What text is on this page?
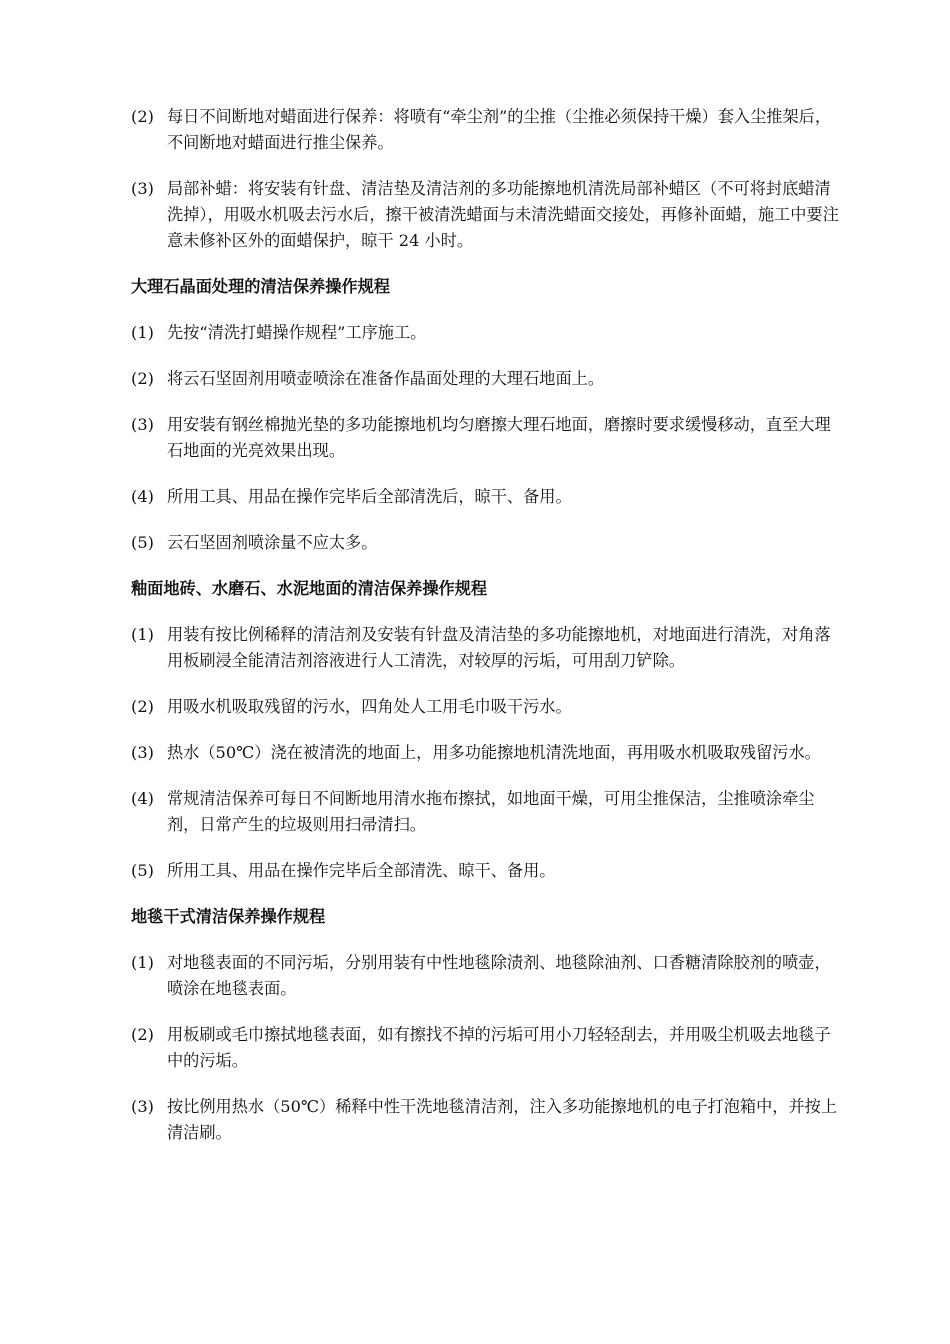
(2) 每日不间断地对蜡面进行保养：将喷有“牵尘剂”的尘推（尘推必须保持干燥）套入尘推架后，不间断地对蜡面进行推尘保养。
(3) 局部补蜡：将安装有针盘、清洁垫及清洁剂的多功能擦地机清洗局部补蜡区（不可将封底蜡清洗掉），用吸水机吸去污水后，擦干被清洗蜡面与未清洗蜡面交接处，再修补面蜡，施工中要注意未修补区外的面蜡保护，晾干 24 小时。
大理石晶面处理的清洁保养操作规程
(1) 先按“清洗打蜡操作规程”工序施工。
(2) 将云石坚固剂用喷壶喷涂在准备作晶面处理的大理石地面上。
(3) 用安装有钢丝棉抛光垫的多功能擦地机均匀磨擦大理石地面，磨擦时要求缓慢移动，直至大理石地面的光亮效果出现。
(4) 所用工具、用品在操作完毕后全部清洗后，晾干、备用。
(5) 云石坚固剂喷涂量不应太多。
釉面地砖、水磨石、水泥地面的清洁保养操作规程
(1) 用装有按比例稀释的清洁剂及安装有针盘及清洁垫的多功能擦地机，对地面进行清洗，对角落用板刷浸全能清洁剂溶液进行人工清洗，对较厚的污垢，可用刮刀铲除。
(2) 用吸水机吸取残留的污水，四角处人工用毛巾吸干污水。
(3) 热水（50℃）浇在被清洗的地面上，用多功能擦地机清洗地面，再用吸水机吸取残留污水。
(4) 常规清洁保养可每日不间断地用清水拖布擦拭，如地面干燥，可用尘推保洁，尘推喷涂牵尘剂，日常产生的垃圾则用扫帚清扫。
(5) 所用工具、用品在操作完毕后全部清洗、晾干、备用。
地毯干式清洁保养操作规程
(1) 对地毯表面的不同污垢，分别用装有中性地毯除渍剂、地毯除油剂、口香糖清除胶剂的喷壶，喷涂在地毯表面。
(2) 用板刷或毛巾擦拭地毯表面，如有擦找不掉的污垢可用小刀轻轻刮去，并用吸尘机吸去地毯子中的污垢。
(3) 按比例用热水（50℃）稀释中性干洗地毯清洁剂，注入多功能擦地机的电子打泡箱中，并按上清洁刷。
